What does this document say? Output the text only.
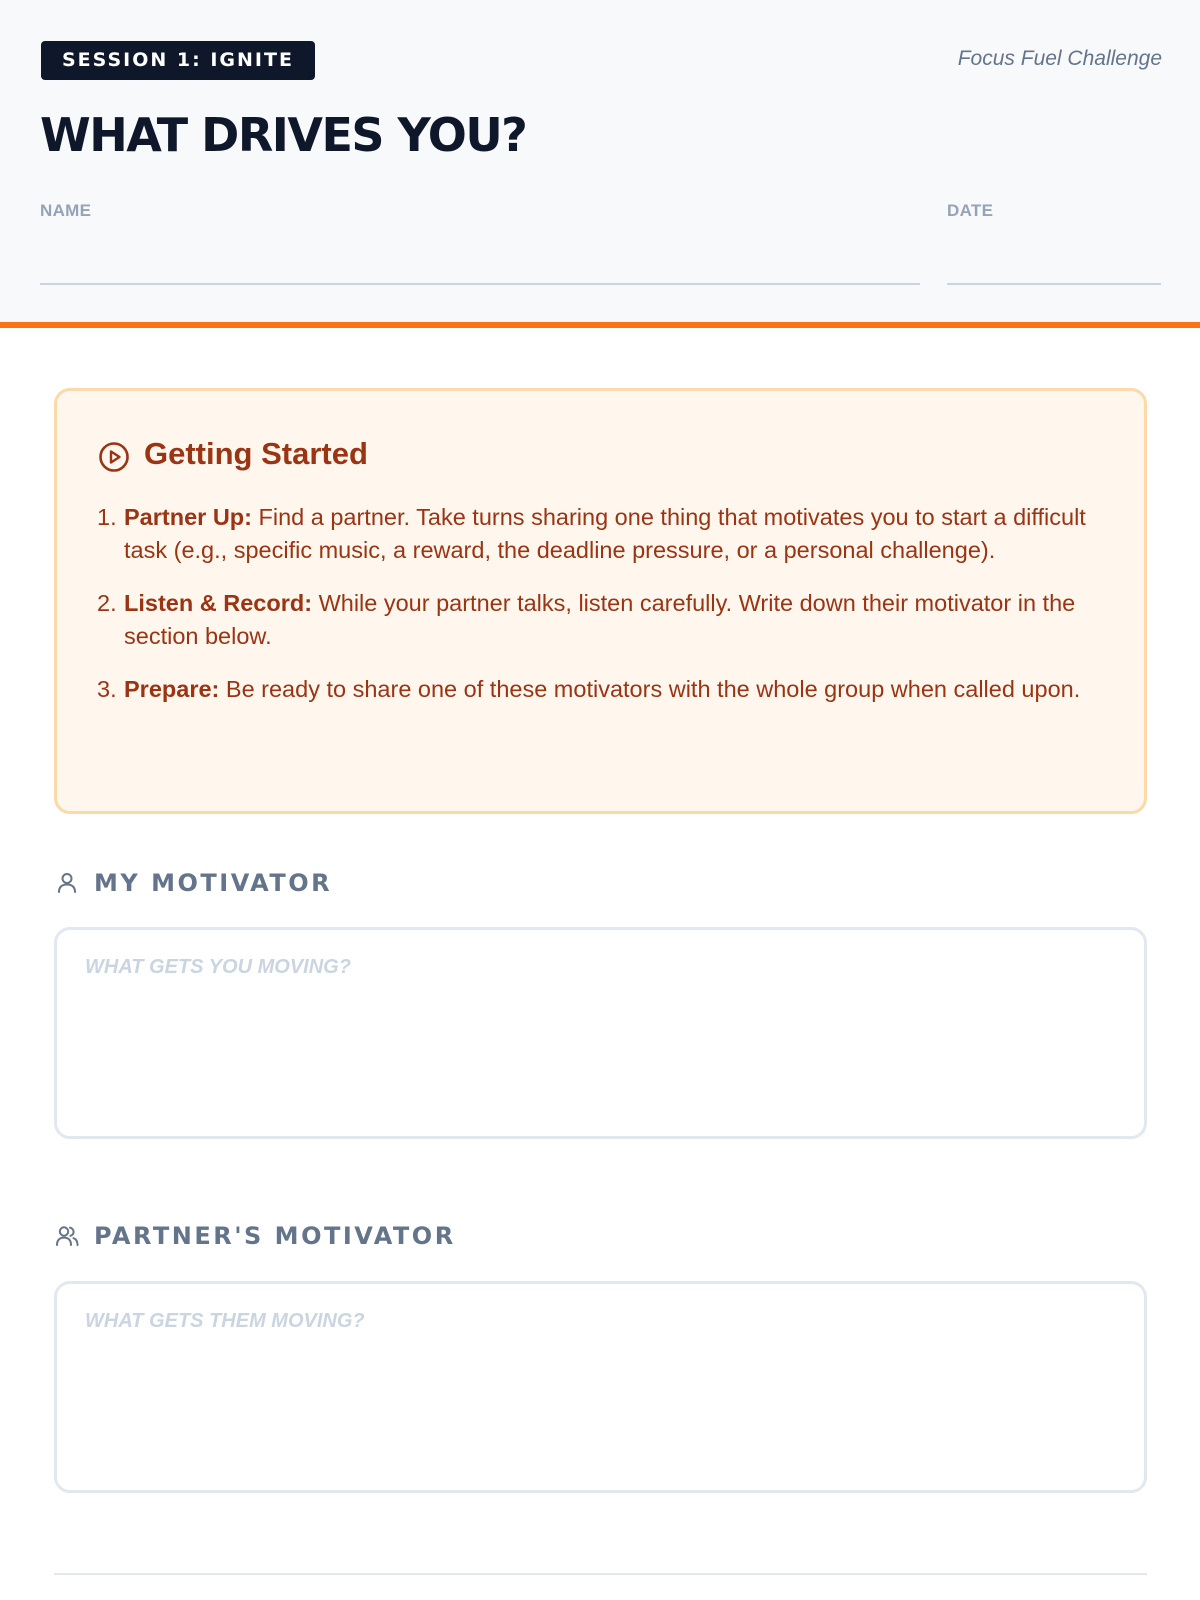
SESSION 1: IGNITE	Focus Fuel Challenge
WHAT DRIVES YOU?
NAME	DATE
Getting Started
1. Partner Up: Find a partner. Take turns sharing one thing that motivates you to start a difficult task (e.g., specific music, a reward, the deadline pressure, or a personal challenge).
2. Listen & Record: While your partner talks, listen carefully. Write down their motivator in the section below.
3. Prepare: Be ready to share one of these motivators with the whole group when called upon.
MY MOTIVATOR
WHAT GETS YOU MOVING?
PARTNER'S MOTIVATOR
WHAT GETS THEM MOVING?
